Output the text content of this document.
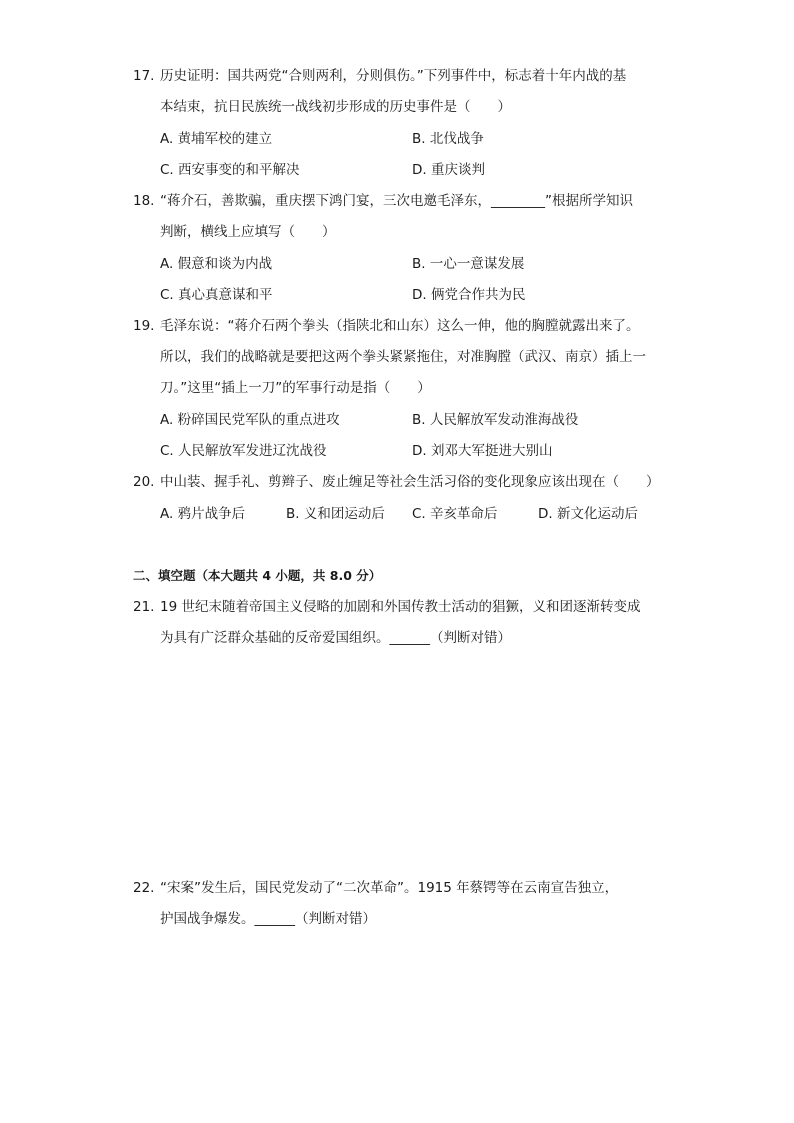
17. 历史证明：国共两党“合则两利，分则俱伤。”下列事件中，标志着十年内战的基
本结束，抗日民族统一战线初步形成的历史事件是（　　）
A. 黄埔军校的建立	B. 北伐战争
C. 西安事变的和平解决	D. 重庆谈判
18. “蒋介石，善欺骗，重庆摆下鸿门宴，三次电邀毛泽东，________”根据所学知识
判断，横线上应填写（　　）
A. 假意和谈为内战	B. 一心一意谋发展
C. 真心真意谋和平	D. 俩党合作共为民
19. 毛泽东说：“蒋介石两个拳头（指陕北和山东）这么一伸，他的胸膛就露出来了。
所以，我们的战略就是要把这两个拳头紧紧拖住，对准胸膛（武汉、南京）插上一
刀。”这里“插上一刀”的军事行动是指（　　）
A. 粉碎国民党军队的重点进攻	B. 人民解放军发动淮海战役
C. 人民解放军发进辽沈战役	D. 刘邓大军挺进大别山
20. 中山装、握手礼、剪辫子、废止缠足等社会生活习俗的变化现象应该出现在（　　）
A. 鸦片战争后	B. 义和团运动后 C. 辛亥革命后	D. 新文化运动后
二、填空题（本大题共 4 小题，共 8.0 分）
21. 19 世纪末随着帝国主义侵略的加剧和外国传教士活动的猖獗，义和团逐渐转变成
为具有广泛群众基础的反帝爱国组织。______（判断对错）
22. “宋案”发生后，国民党发动了“二次革命”。1915 年蔡锷等在云南宣告独立，
护国战争爆发。______（判断对错）
